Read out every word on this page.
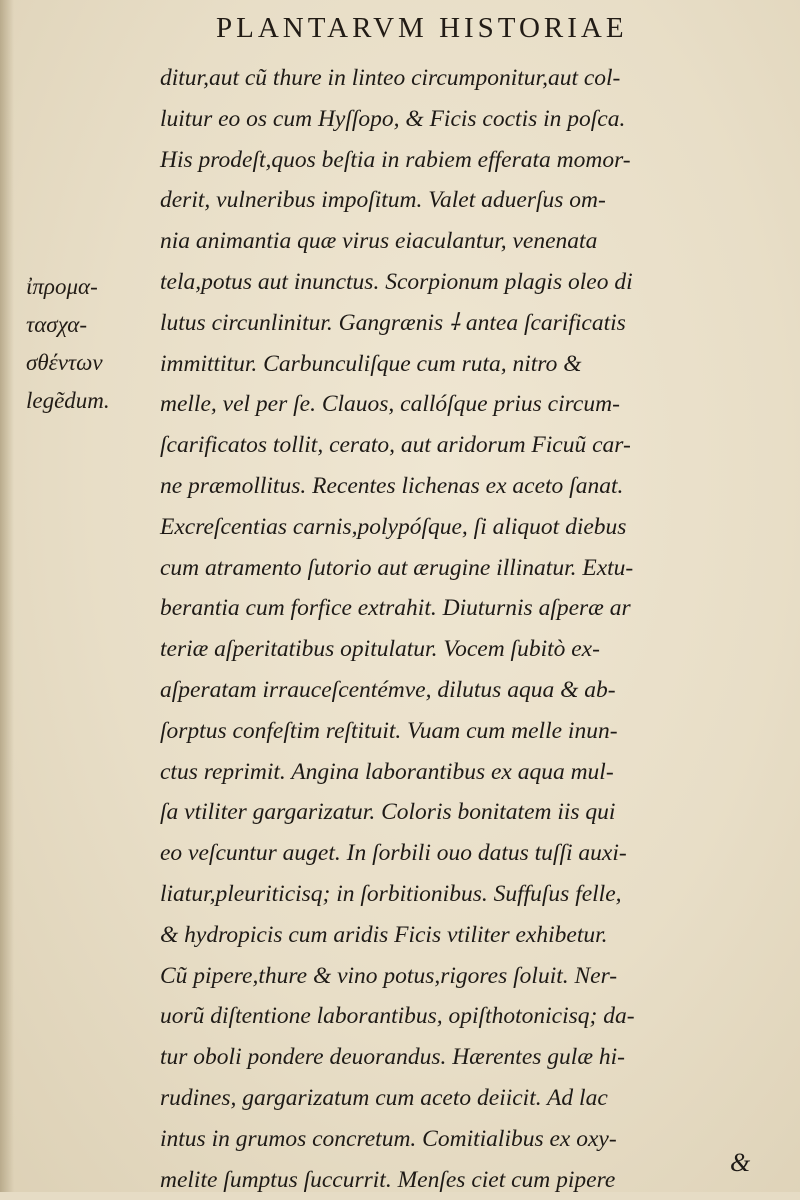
PLANTARVM HISTORIAE
ἰπρομα-
τασχα-
σθέντων
legẽdum.
ditur,aut cũ thure in linteo circumponitur,aut col-
luitur eo os cum Hyſſopo, & Ficis coctis in poſca.
His prodeſt,quos beſtia in rabiem efferata momor-
derit, vulneribus impoſitum. Valet aduerſus om-
nia animantia quæ virus eiaculantur, venenata
tela,potus aut inunctus. Scorpionum plagis oleo di
lutus circunlinitur. Gangrænis ⸸ antea ſcarificatis
immittitur. Carbunculiſque cum ruta, nitro &
melle, vel per ſe. Clauos, callóſque prius circum-
ſcarificatos tollit, cerato, aut aridorum Ficuũ car-
ne præmollitus. Recentes lichenas ex aceto ſanat.
Excreſcentias carnis,polypóſque, ſi aliquot diebus
cum atramento ſutorio aut ærugine illinatur. Extu-
berantia cum forfice extrahit. Diuturnis aſperæ ar
teriæ aſperitatibus opitulatur. Vocem ſubitò ex-
aſperatam irrauceſcentémve, dilutus aqua & ab-
ſorptus confeſtim reſtituit. Vuam cum melle inun-
ctus reprimit. Angina laborantibus ex aqua mul-
ſa vtiliter gargarizatur. Coloris bonitatem iis qui
eo veſcuntur auget. In ſorbili ouo datus tuſſi auxi-
liatur,pleuriticisq; in ſorbitionibus. Suffuſus felle,
& hydropicis cum aridis Ficis vtiliter exhibetur.
Cũ pipere,thure & vino potus,rigores ſoluit. Ner-
uorũ diſtentione laborantibus, opiſthotonicisq; da-
tur oboli pondere deuorandus. Hærentes gulæ hi-
rudines, gargarizatum cum aceto deiicit. Ad lac
intus in grumos concretum. Comitialibus ex oxy-
melite ſumptus ſuccurrit. Menſes ciet cum pipere
&
